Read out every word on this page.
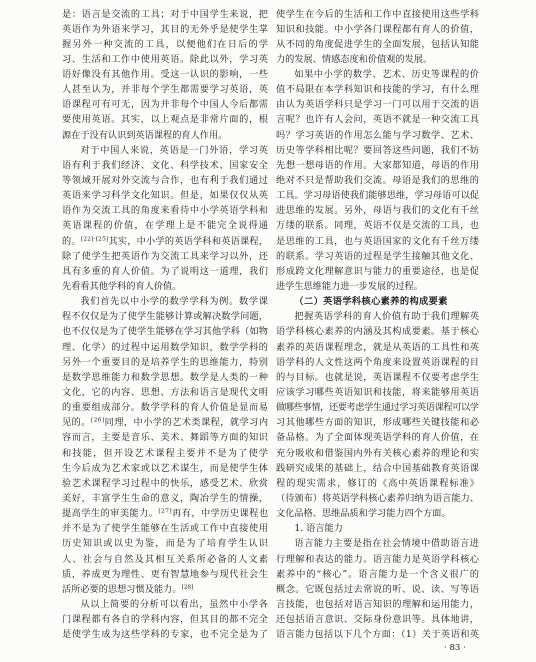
是：语言是交流的工具；对于中国学生来说，把
英语作为外语来学习，其目的无外乎是使学生掌
握另外一种交流的工具，以便他们在日后的学
习、生活和工作中使用英语。除此以外，学习英
语好像没有其他作用。受这一认识的影响，一些
人甚至认为，并非每个学生都需要学习英语，英
语课程可有可无，因为并非每个中国人今后都需
要使用英语。其实，以上观点是非常片面的，根
源在于没有认识到英语课程的育人作用。
对于中国人来说，英语是一门外语，学习英
语有利于我们经济、文化、科学技术、国家安全
等领域开展对外交流与合作，也有利于我们通过
英语来学习科学文化知识。但是，如果仅仅从英
语作为交流工具的角度来看待中小学英语学科和
英语课程的价值，在学理上是不能完全说得通
的。[22]-[25]其实，中小学的英语学科和英语课程，
除了使学生把英语作为交流工具来学习以外，还
具有多重的育人价值。为了说明这一道理，我们
先看看其他学科的育人价值。
我们首先以中小学的数学学科为例。数学课
程不仅仅是为了使学生能够计算或解决数学问题，
也不仅仅是为了使学生能够在学习其他学科（如物
理、化学）的过程中运用数学知识，数学学科的
另外一个重要目的是培养学生的思维能力，特别
是数学思维能力和数学思想。数学是人类的一种
文化，它的内容、思想、方法和语言是现代文明
的重要组成部分。数学学科的育人价值是显而易
见的。[26]同理，中小学的艺术类课程，就学习内
容而言，主要是音乐、美术、舞蹈等方面的知识
和技能，但开设艺术课程主要并不是为了使学
生今后成为艺术家或以艺术谋生，而是使学生体
验艺术课程学习过程中的快乐，感受艺术、欣赏
美好，丰富学生生命的意义，陶冶学生的情操，
提高学生的审美能力。[27]再有，中学历史课程也
并不是为了使学生能够在生活或工作中直接使用
历史知识或以史为鉴，而是为了培育学生认识
人、社会与自然及其相互关系所必备的人文素
质，养成更为理性、更有智慧地参与现代社会生
活所必要的思想习惯及能力。[28]
从以上简要的分析可以看出，虽然中小学各
门课程都有各自的学科内容，但其目的都不完全
是使学生成为这些学科的专家，也不完全是为了
使学生在今后的生活和工作中直接使用这些学科
知识和技能。中小学各门课程都有育人的价值，
从不同的角度促进学生的全面发展，包括认知能
力的发展、情感态度和价值观的发展。
如果中小学的数学、艺术、历史等课程的价
值不局限在本学科知识和技能的学习，有什么理
由认为英语学科只是学习一门可以用于交流的语
言呢？也许有人会问，英语不就是一种交流工具
吗？学习英语的作用怎么能与学习数学、艺术、
历史等学科相比呢？要回答这些问题，我们不妨
先想一想母语的作用。大家都知道，母语的作用
绝对不只是帮助我们交流。母语是我们的思维的
工具。学习母语使我们能够思维，学习母语可以促
进思维的发展。另外，母语与我们的文化有千丝
万缕的联系。同理，英语不仅是交流的工具，也
是思维的工具，也与英语国家的文化有千丝万缕
的联系。学习英语的过程是学生接触其他文化、
形成跨文化理解意识与能力的重要途径，也是促
进学生思维能力进一步发展的过程。
（二）英语学科核心素养的构成要素
把握英语学科的育人价值有助于我们理解英
语学科核心素养的内涵及其构成要素。基于核心
素养的英语课程理念，就是从英语的工具性和英
语学科的人文性这两个角度来设置英语课程的目
的与目标。也就是说，英语课程不仅要考虑学生
应该学习哪些英语知识和技能，将来能够用英语
做哪些事情，还要考虑学生通过学习英语课程可以学
习其他哪些方面的知识，形成哪些关键技能和必
备品格。为了全面体现英语学科的育人价值，在
充分吸收和借鉴国内外有关核心素养的理论和实
践研究成果的基础上，结合中国基础教育英语课
程的现实需求，修订的《高中英语课程标准》
（待颁布）将英语学科核心素养归纳为语言能力、
文化品格、思维品质和学习能力四个方面。
1. 语言能力
语言能力主要是指在社会情境中借助语言进
行理解和表达的能力。语言能力是英语学科核心
素养中的“核心”。语言能力是一个含义很广的
概念。它既包括过去常说的听、说、读、写等语
言技能，也包括对语言知识的理解和运用能力，
还包括语言意识、交际身份意识等。具体地讲，
语言能力包括以下几个方面：（1）关于英语和英
· 83 ·
